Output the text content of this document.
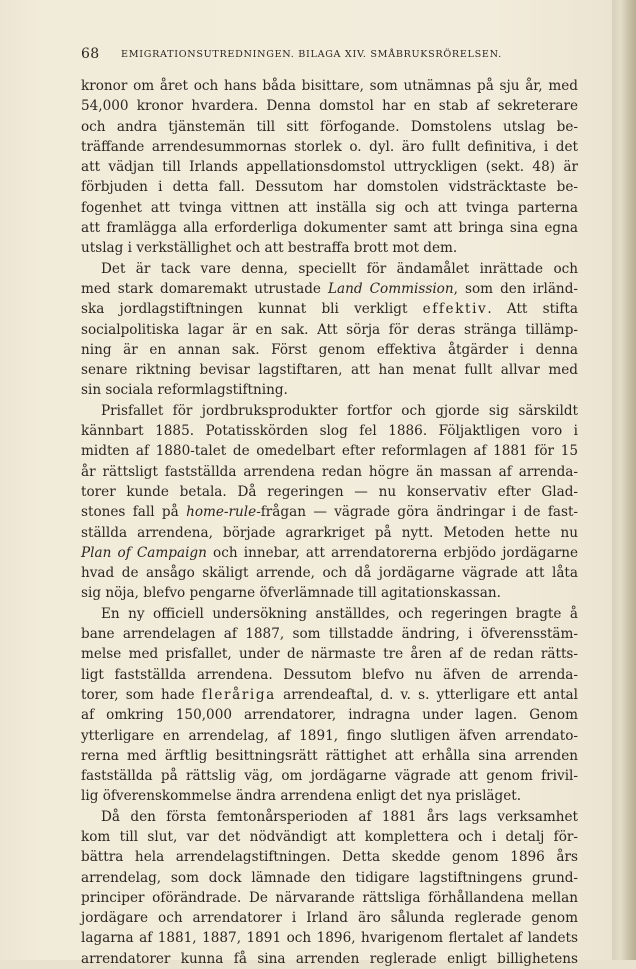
68 EMIGRATIONSUTREDNINGEN. BILAGA XIV. SMÅBRUKSRÖRELSEN.
kronor om året och hans båda bisittare, som utnämnas på sju år, med
54,000 kronor hvardera. Denna domstol har en stab af sekreterare
och andra tjänstemän till sitt förfogande. Domstolens utslag be-
träffande arrendesummornas storlek o. dyl. äro fullt definitiva, i det
att vädjan till Irlands appellationsdomstol uttryckligen (sekt. 48) är
förbjuden i detta fall. Dessutom har domstolen vidsträcktaste be-
fogenhet att tvinga vittnen att inställa sig och att tvinga parterna
att framlägga alla erforderliga dokumenter samt att bringa sina egna
utslag i verkställighet och att bestraffa brott mot dem.
Det är tack vare denna, speciellt för ändamålet inrättade och
med stark domaremakt utrustade Land Commission, som den irländ-
ska jordlagstiftningen kunnat bli verkligt effektiv. Att stifta
socialpolitiska lagar är en sak. Att sörja för deras stränga tillämp-
ning är en annan sak. Först genom effektiva åtgärder i denna
senare riktning bevisar lagstiftaren, att han menat fullt allvar med
sin sociala reformlagstiftning.
Prisfallet för jordbruksprodukter fortfor och gjorde sig särskildt
kännbart 1885. Potatisskörden slog fel 1886. Följaktligen voro i
midten af 1880-talet de omedelbart efter reformlagen af 1881 för 15
år rättsligt fastställda arrendena redan högre än massan af arrenda-
torer kunde betala. Då regeringen — nu konservativ efter Glad-
stones fall på home-rule-frågan — vägrade göra ändringar i de fast-
ställda arrendena, började agrarkriget på nytt. Metoden hette nu
Plan of Campaign och innebar, att arrendatorerna erbjödo jordägarne
hvad de ansågo skäligt arrende, och då jordägarne vägrade att låta
sig nöja, blefvo pengarne öfverlämnade till agitationskassan.
En ny officiell undersökning anställdes, och regeringen bragte å
bane arrendelagen af 1887, som tillstadde ändring, i öfverensstäm-
melse med prisfallet, under de närmaste tre åren af de redan rätts-
ligt fastställda arrendena. Dessutom blefvo nu äfven de arrenda-
torer, som hade fleråriga arrendeaftal, d. v. s. ytterligare ett antal
af omkring 150,000 arrendatorer, indragna under lagen. Genom
ytterligare en arrendelag, af 1891, fingo slutligen äfven arrendato-
rerna med ärftlig besittningsrätt rättighet att erhålla sina arrenden
fastställda på rättslig väg, om jordägarne vägrade att genom frivil-
lig öfverenskommelse ändra arrendena enligt det nya prisläget.
Då den första femtonårsperioden af 1881 års lags verksamhet
kom till slut, var det nödvändigt att komplettera och i detalj för-
bättra hela arrendelagstiftningen. Detta skedde genom 1896 års
arrendelag, som dock lämnade den tidigare lagstiftningens grund-
principer oförändrade. De närvarande rättsliga förhållandena mellan
jordägare och arrendatorer i Irland äro sålunda reglerade genom
lagarna af 1881, 1887, 1891 och 1896, hvarigenom flertalet af landets
arrendatorer kunna få sina arrenden reglerade enligt billighetens
